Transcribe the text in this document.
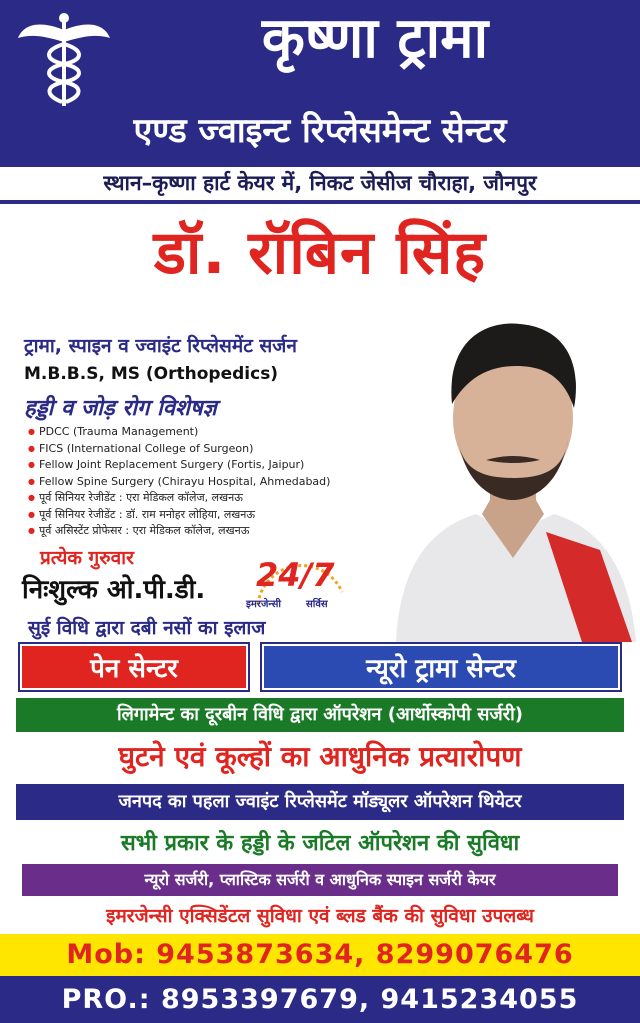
कृष्णा ट्रामा
एण्ड ज्वाइन्ट रिप्लेसमेन्ट सेन्टर
स्थान–कृष्णा हार्ट केयर में, निकट जेसीज चौराहा, जौनपुर
डॉ. रॉबिन सिंह
ट्रामा, स्पाइन व ज्वाइंट रिप्लेसमेंट सर्जन
M.B.B.S, MS (Orthopedics)
हड्डी व जोड़ रोग विशेषज्ञ
● PDCC (Trauma Management)
● FICS (International College of Surgeon)
● Fellow Joint Replacement Surgery (Fortis, Jaipur)
● Fellow Spine Surgery (Chirayu Hospital, Ahmedabad)
● पूर्व सिनियर रेजीडेंट : एरा मेडिकल कॉलेज, लखनऊ
● पूर्व सिनियर रेजीडेंट : डॉ. राम मनोहर लोहिया, लखनऊ
● पूर्व असिस्टेंट प्रोफेसर : एरा मेडिकल कॉलेज, लखनऊ
प्रत्येक गुरुवार
निःशुल्क ओ.पी.डी. 24/7
इमरजेन्सी	सर्विस
सुई विधि द्वारा दबी नसों का इलाज
पेन सेन्टर	न्यूरो ट्रामा सेन्टर
लिगामेन्ट का दूरबीन विधि द्वारा ऑपरेशन (आर्थोस्कोपी सर्जरी)
घुटने एवं कूल्हों का आधुनिक प्रत्यारोपण
जनपद का पहला ज्वाइंट रिप्लेसमेंट मॉड्यूलर ऑपरेशन थियेटर
सभी प्रकार के हड्डी के जटिल ऑपरेशन की सुविधा
न्यूरो सर्जरी, प्लास्टिक सर्जरी व आधुनिक स्पाइन सर्जरी केयर
इमरजेन्सी एक्सिडेंटल सुविधा एवं ब्लड बैंक की सुविधा उपलब्ध
Mob: 9453873634, 8299076476
PRO.: 8953397679, 9415234055
